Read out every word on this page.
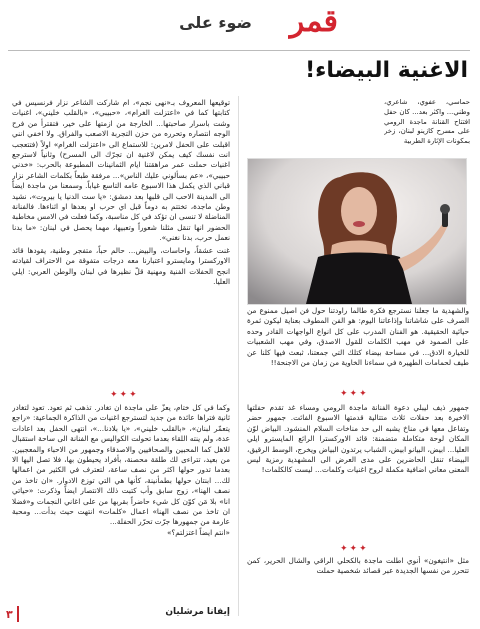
ضوء على قمر
الاغنية البيضاء!
حماسي، عفوي، شاعري، وطني... واكثر بعد... كان حفل افتتاح القنانة ماجدة الرومي على مسرح كازينو لبنان، زخر بمكونات الإثارة الطربية
والشهدية ما جعلنا نسترجع فكرة طالما راودتنا حول فن اصيل ممنوع من الصرف على شاشاتنا وإذاعاتنا اليوم: هو الفن المطوف بعناية ليكون ثمرة حيائية الحقيقية. هو الفنان المدرب على كل انواع الواجهات القادر وحده على الصمود في مهب الكلمات للقول الاصدق، وفي مهب الشعبيات للخيارة الادق... في مساحة بيضاء كتلك التي جمعتنا، ثبعث فيها كلنا عن طيف لحمامات الطهيرة في سماءنا الخاوية من زمان من الاجنحة!!
✦✦✦
جمهور ذيف ليبلي دعوة الفنانة ماجدة الرومي ومساء غد تقدم حفلتها الاخيرة بعد حفلات ثلاث متتالية قدمتها الاسبوع الفائت. جمهور حضر وتفاعل معها في مناخ يشبه الى حد مناخات السلام المنشود. البياض لوّن المكان لوحة متكاملة متضمنة: قائد الاوركسترا الرائع المايسترو ايلي العليا... ابيض، البيانو ابيض، الشباب يرتدون البياض ويخرج، الوسط الرقيق، البيضاء تنقل الحاضرين على مدى العرض الى المشهدية رمزية ليس المعنى معاني اضافية مكملة لروح اغنيات وكلمات... ليست كالكلمات!
✦✦✦
مثل «انتيغون» أنوي اطلت ماجدة بالكحلي الراقي والشال الحرير، كمن تتحرر من نفسها الجديدة عبر قصائد شخصية حملت
توقيعها المعروف بـ«نهى نجم»، ام شاركت الشاعر نزار فرنسيس في كتابتها كما في «اعتزلت الغرام»، «حبيبي»، «بالقلب خليني»، اغنيات وشت باسرار صاحبتها... الخارجة من ازمتها على خير، فتقترأ من فرح الوجه انتصاره وتحرره من حزن التجربة الاصعب والفراق. ولا اخفي انني اقبلت على الحفل لامرين: للاستماع الى «اعتزلت الغرام» اولاً (فتتعجب انت نفسك كيف يمكن لاغنية ان تجرّك الى المسرح) وثانياً لاسترجع اغنيات حملت عمر مراهقتنا ايام الثمانينات المطبوعة بالحرب: «خدني حبيبي»، «عم بسألوني عليك الناس»... مرفقة طبعاً بكلمات الشاعر نزار قباني الذي يكمل هذا الاسبوع عامه التاسع غياباً. وسمعنا من ماجدة ايضاً الى المدينة الاحب الى قلبها بعد دمشق: «يا ست الدنيا يا بيروت»، نشيد وطن ماجدة، تختتم به دوماً قبل اي حرب او بعدها او اثناءها. فالفنانة المناضلة لا تنسى ان تؤكد في كل مناسبة، وكما فعلت في الامس مخاطبة الحضور انها تنقل مثلنا شعوراً وتعبيها، مهما يحصل في لبنان: «ما بدنا نعمل حرب، بدنا نغني».
غنت عشقاً، واحاسات، والبيض... حالم حباً، متفجر وطنية، يقودها قائد الاوركسترا ومايسترو اعتبارنا معه درجات متفوقة من الاحتراف لقيادته انجح الحفلات الفنية ومهنية قلّ نظيرها في لبنان والوطن العربي: ايلي العليا.
✦✦✦
وكما في كل ختام، يعزّ على ماجدة ان تغادر. تذهب ثم تعود. تعود لتغادر ثانية فتراها عائدة من جديد لتسترجع اغنيات من الذاكرة الجماعية: «راجع يتعمّر لبنان»، «بالقلب خليني»، «يا بلادنا...»، انتهى الحفل بعد اعادات عدة، ولم ينته اللقاء بعدما تحولت الكواليس مع الفنانة الى ساحة استقبال للاهل كما المحبين والصحافيين والاصدقاء وجمهور من الاحباء والمعجبين. من بعيد، تتراءى لك طلقة محصنة، بأفراد يحيطون بها، فلا تصل اليها الا بعدما تدور حولها اكثر من نصف ساعة، لتعترف في الكثير من اعمالها لك... ابنتان حولها بطمأنينة، كأنها هي التي توزع الادوار. «ان تاخذ من نصف الهنا»، زوج سابق وأب كتبت ذلك الانتصار ايضاً وذكرت: «حياتي انا» بلا مَن كوّن كل شيء حاضراً بقربها من على اغاني النجمات و«فضلا ان تاخذ من نصف الهنا» اعمال «كلمات» انتهت حيث بدأت... ومحبة عارمة من جمهورها جرّت تحرّر الحفلة...
«انتم ايضاً اعتزلتم؟»
إيفانا مرشليان
٣
